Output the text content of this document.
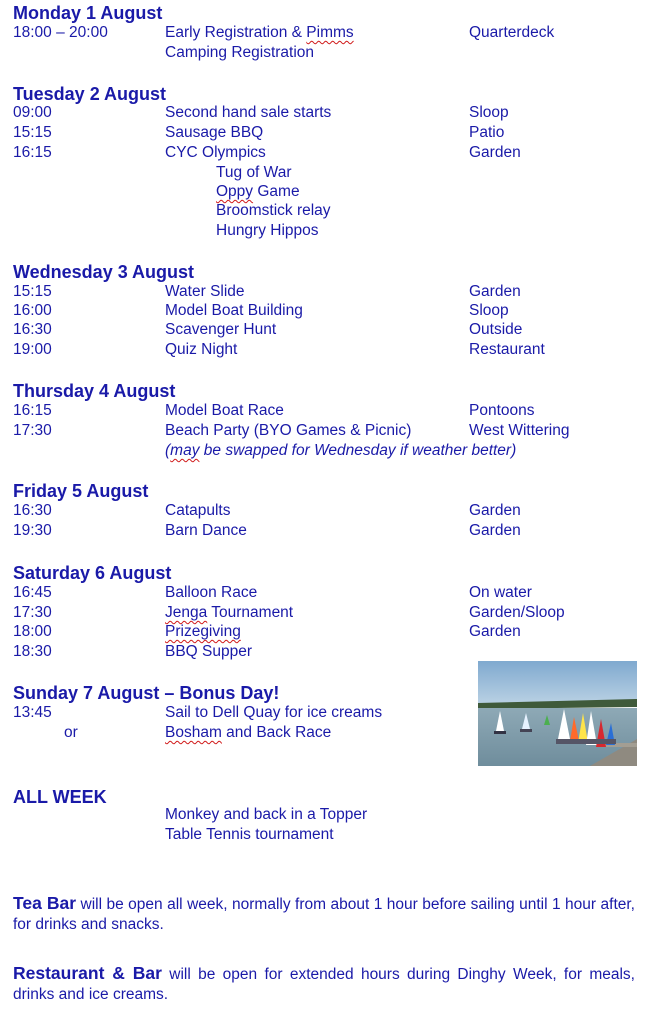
Monday 1 August
18:00 – 20:00	Early Registration & Pimms	Quarterdeck
Camping Registration
Tuesday 2 August
09:00	Second hand sale starts	Sloop
15:15	Sausage BBQ	Patio
16:15	CYC Olympics	Garden
Tug of War
Oppy Game
Broomstick relay
Hungry Hippos
Wednesday 3 August
15:15	Water Slide	Garden
16:00	Model Boat Building	Sloop
16:30	Scavenger Hunt	Outside
19:00	Quiz Night	Restaurant
Thursday 4 August
16:15	Model Boat Race	Pontoons
17:30	Beach Party (BYO Games & Picnic)	West Wittering
(may be swapped for Wednesday if weather better)
Friday 5 August
16:30	Catapults	Garden
19:30	Barn Dance	Garden
Saturday 6 August
16:45	Balloon Race	On water
17:30	Jenga Tournament	Garden/Sloop
18:00	Prizegiving	Garden
18:30	BBQ Supper
Sunday 7 August – Bonus Day!
13:45	Sail to Dell Quay for ice creams
or	Bosham and Back Race
ALL WEEK
Monkey and back in a Topper
Table Tennis tournament
Tea Bar will be open all week, normally from about 1 hour before sailing until 1 hour after, for drinks and snacks.
Restaurant & Bar will be open for extended hours during Dinghy Week, for meals, drinks and ice creams.
